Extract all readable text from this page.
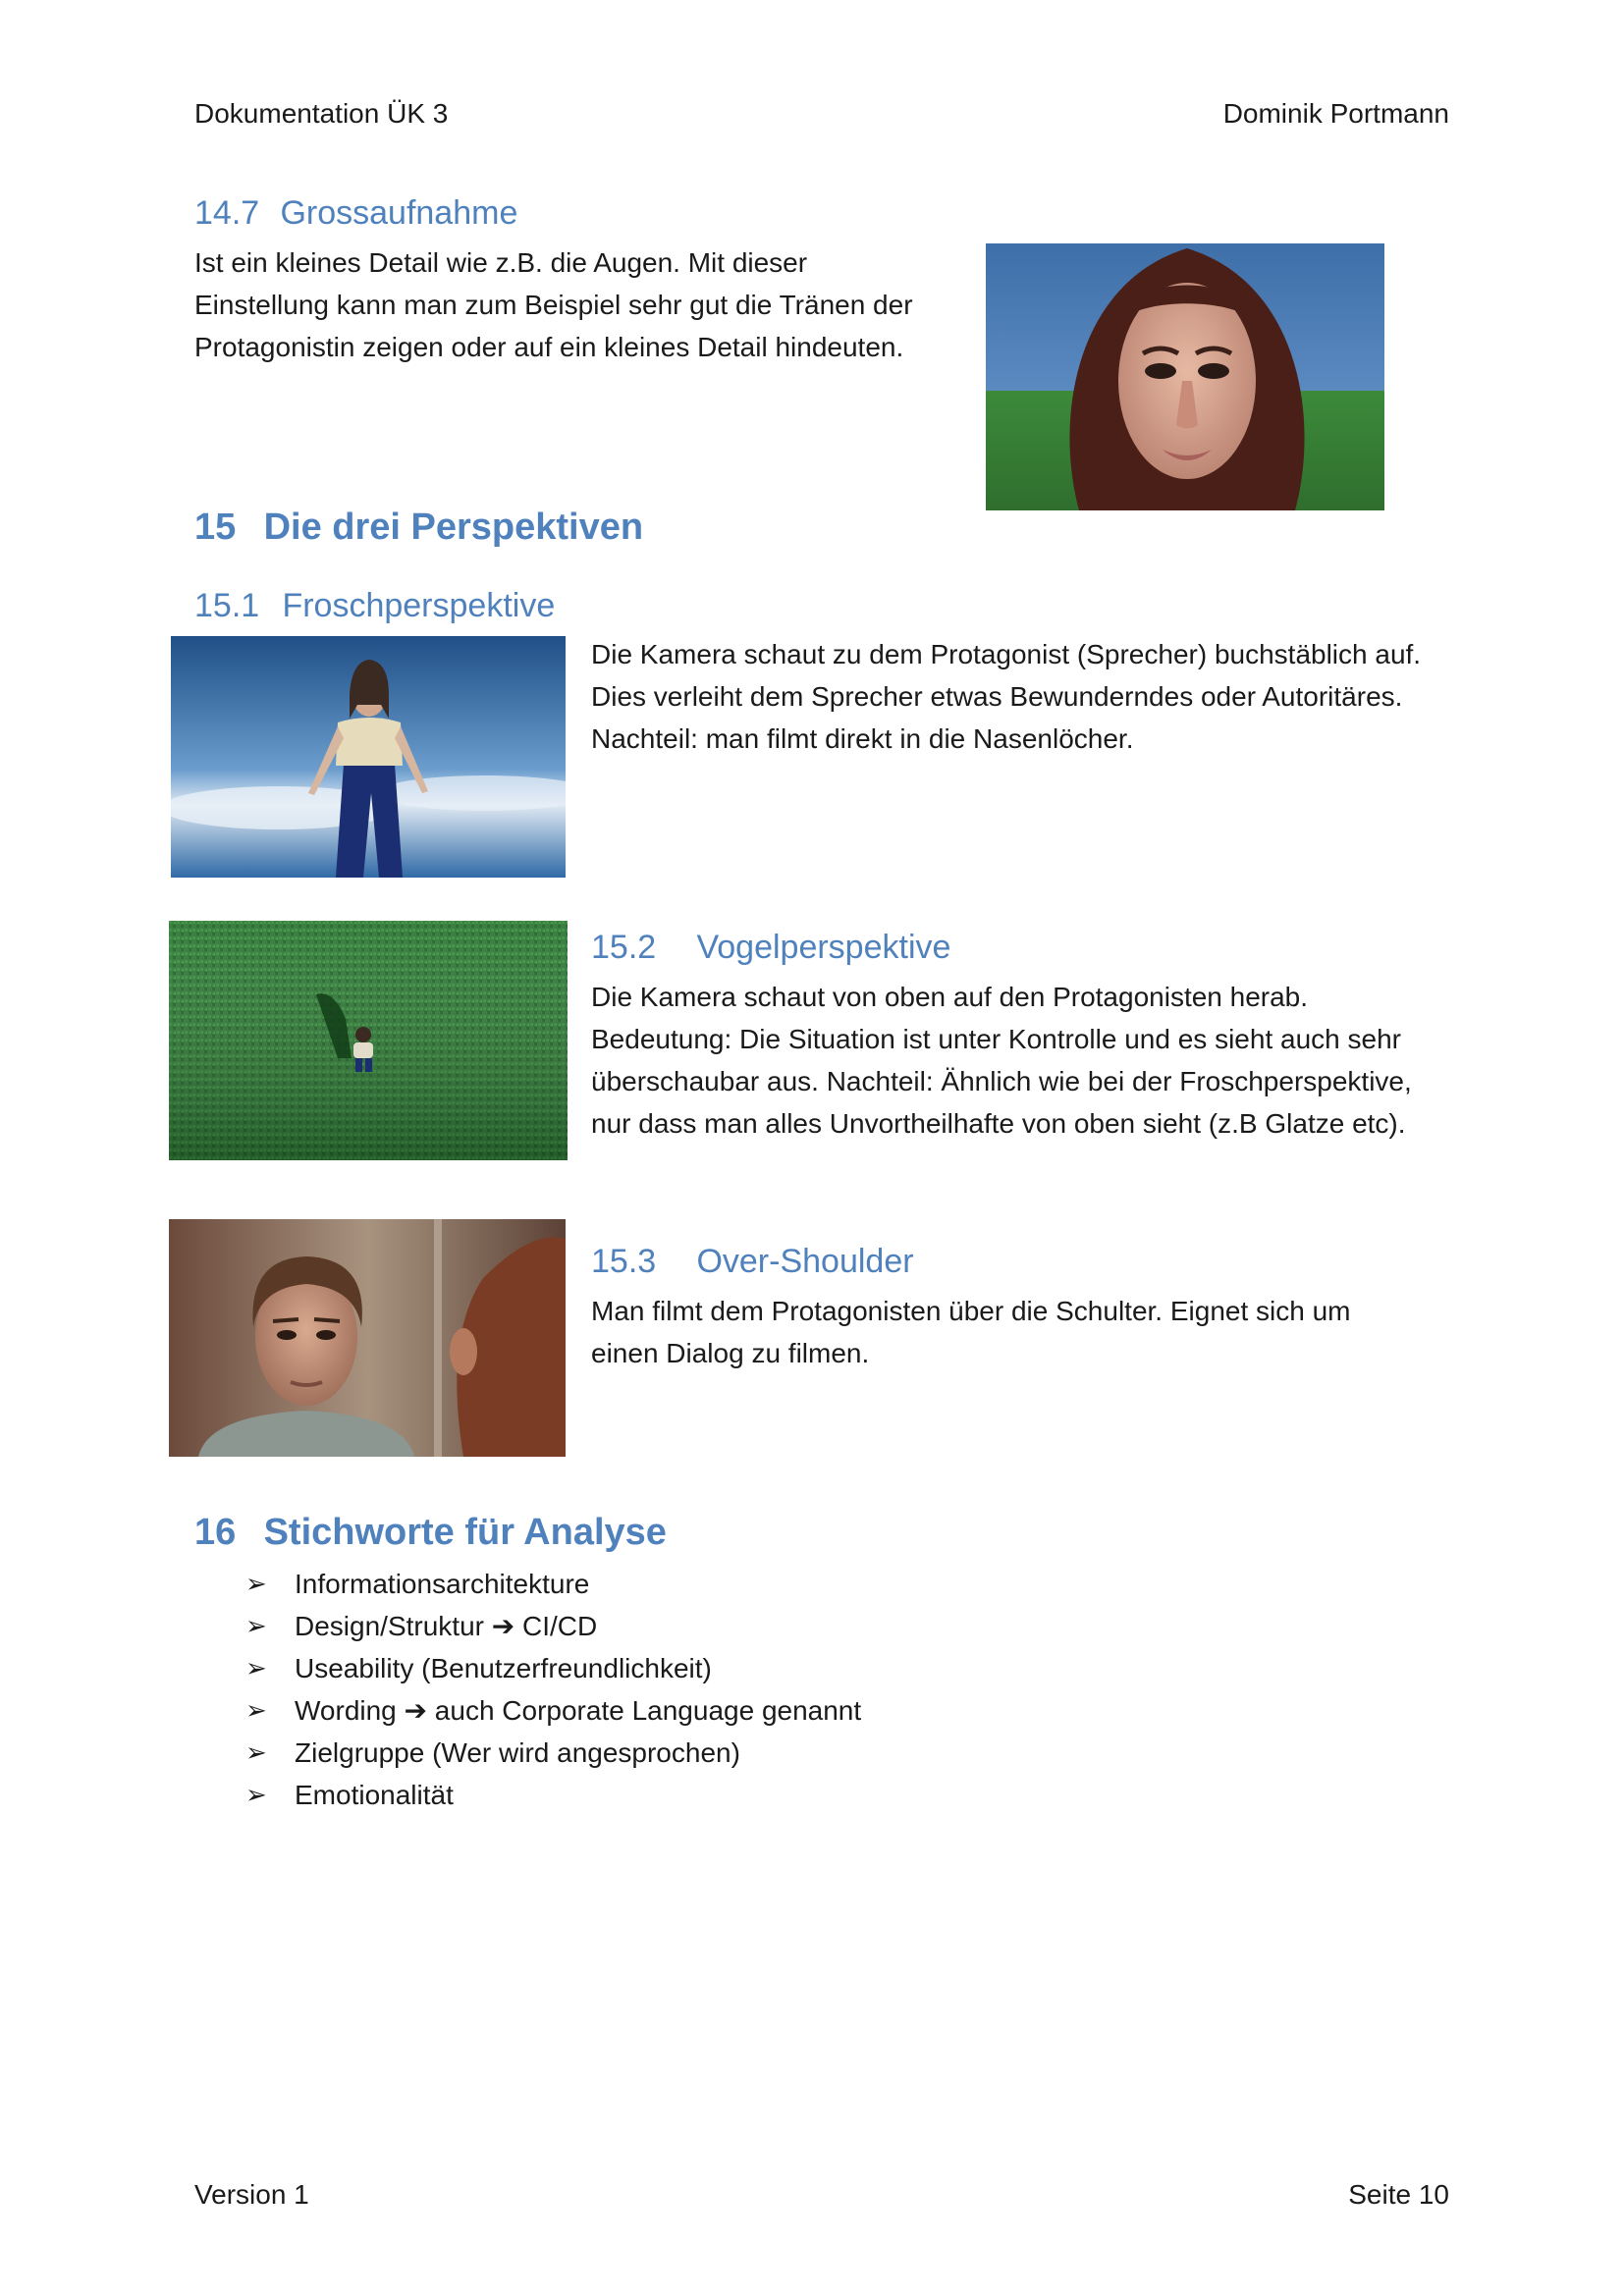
Dokumentation ÜK 3	Dominik Portmann
14.7 Grossaufnahme

Ist ein kleines Detail wie z.B. die Augen. Mit dieser

Einstellung kann man zum Beispiel sehr gut die Tränen der

Protagonistin zeigen oder auf ein kleines Detail hindeuten.

15 Die drei Perspektiven
15.1 Froschperspektive

Die Kamera schaut zu dem Protagonist (Sprecher) buchstäblich auf.

Dies verleiht dem Sprecher etwas Bewunderndes oder Autoritäres.

Nachteil: man filmt direkt in die Nasenlöcher.

15.2 Vogelperspektive

Die Kamera schaut von oben auf den Protagonisten herab.

Bedeutung: Die Situation ist unter Kontrolle und es sieht auch sehr

überschaubar aus. Nachteil: Ähnlich wie bei der Froschperspektive,

nur dass man alles Unvortheilhafte von oben sieht (z.B Glatze etc).

15.3 Over-Shoulder

Man filmt dem Protagonisten über die Schulter. Eignet sich um

einen Dialog zu filmen.

16 Stichworte für Analyse
➢ Informationsarchitekture
➢ Design/Struktur ➔ CI/CD
➢ Useability (Benutzerfreundlichkeit)
➢ Wording ➔ auch Corporate Language genannt
➢ Zielgruppe (Wer wird angesprochen)
➢ Emotionalität
Version 1	Seite 10
